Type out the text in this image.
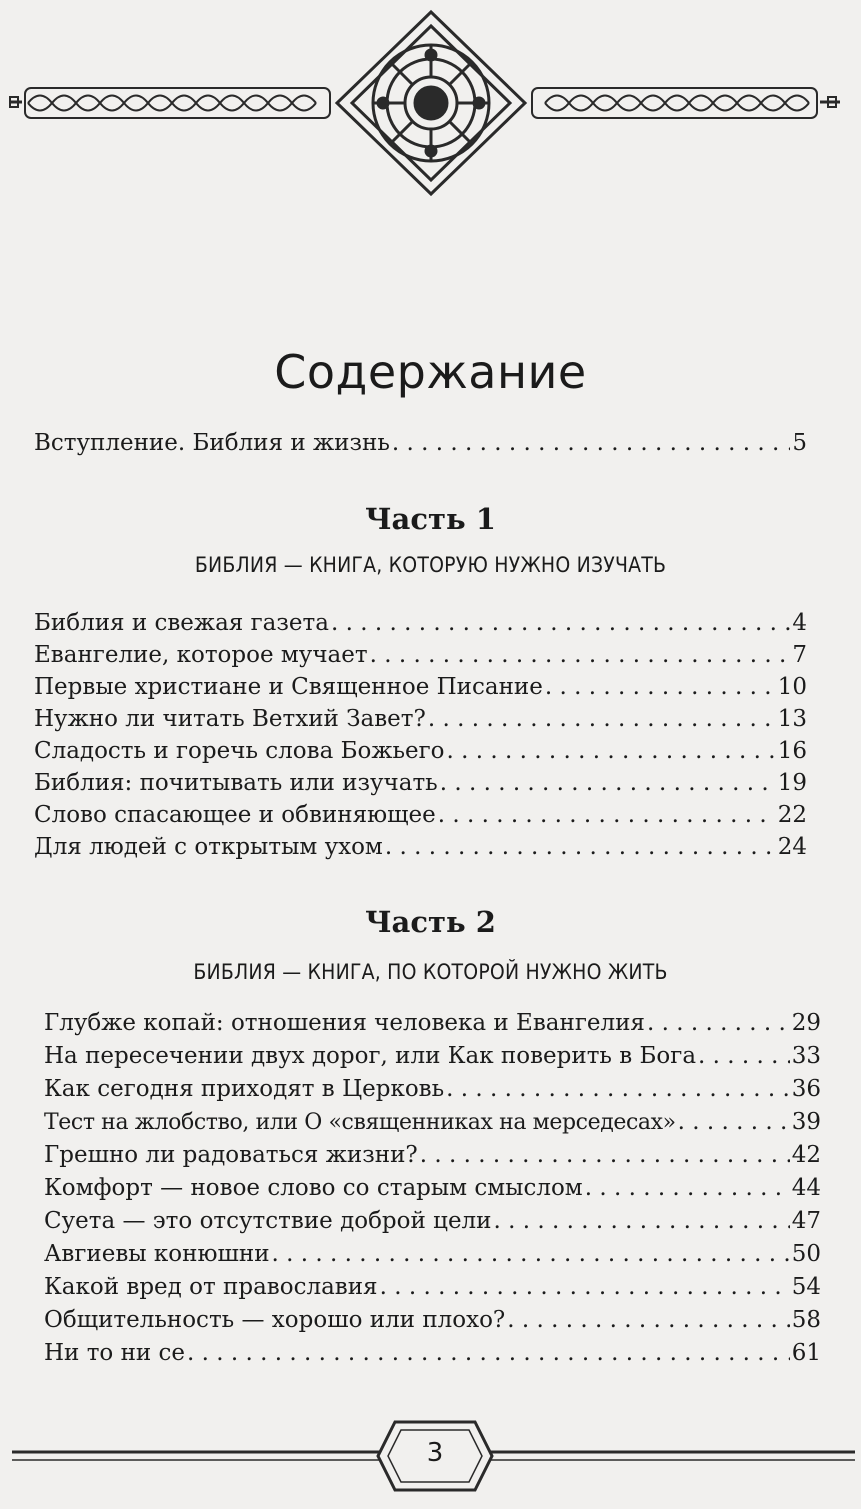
Содержание
Вступление. Библия и жизнь . . .	5
Часть 1
БИБЛИЯ — КНИГА, КОТОРУЮ НУЖНО ИЗУЧАТЬ
Библия и свежая газета . . .	4
Евангелие, которое мучает . . .	7
Первые христиане и Священное Писание . . .	10
Нужно ли читать Ветхий Завет? . . .	13
Сладость и горечь слова Божьего . . .	16
Библия: почитывать или изучать . . .	19
Слово спасающее и обвиняющее . . .	22
Для людей с открытым ухом . . .	24
Часть 2
БИБЛИЯ — КНИГА, ПО КОТОРОЙ НУЖНО ЖИТЬ
Глубже копай: отношения человека и Евангелия . . .	29
На пересечении двух дорог, или Как поверить в Бога . . .	33
Как сегодня приходят в Церковь . . .	36
Тест на жлобство, или О «священниках на мерседесах» . . .	39
Грешно ли радоваться жизни? . . .	42
Комфорт — новое слово со старым смыслом . . .	44
Суета — это отсутствие доброй цели . . .	47
Авгиевы конюшни . . .	50
Какой вред от православия . . .	54
Общительность — хорошо или плохо? . . .	58
Ни то ни се . . .	61
3
